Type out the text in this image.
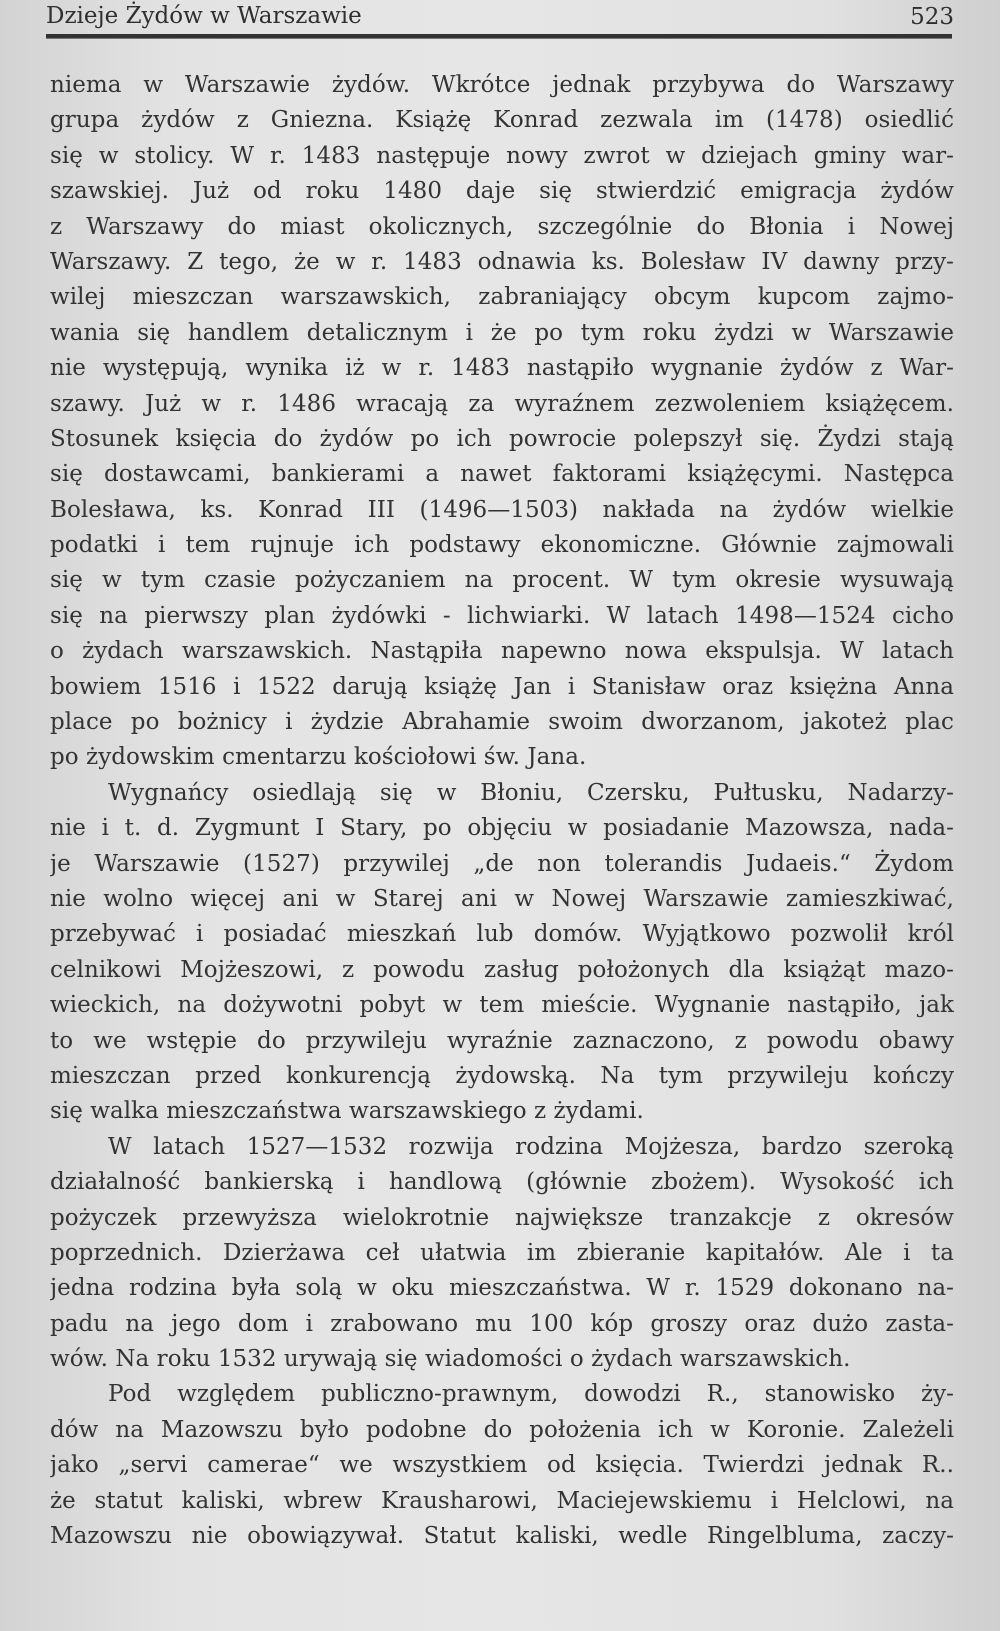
Dzieje Żydów w Warszawie	523
niema w Warszawie żydów. Wkrótce jednak przybywa do Warszawy
grupa żydów z Gniezna. Książę Konrad zezwala im (1478) osiedlić
się w stolicy. W r. 1483 następuje nowy zwrot w dziejach gminy war-
szawskiej. Już od roku 1480 daje się stwierdzić emigracja żydów
z Warszawy do miast okolicznych, szczególnie do Błonia i Nowej
Warszawy. Z tego, że w r. 1483 odnawia ks. Bolesław IV dawny przy-
wilej mieszczan warszawskich, zabraniający obcym kupcom zajmo-
wania się handlem detalicznym i że po tym roku żydzi w Warszawie
nie występują, wynika iż w r. 1483 nastąpiło wygnanie żydów z War-
szawy. Już w r. 1486 wracają za wyraźnem zezwoleniem książęcem.
Stosunek księcia do żydów po ich powrocie polepszył się. Żydzi stają
się dostawcami, bankierami a nawet faktorami książęcymi. Następca
Bolesława, ks. Konrad III (1496—1503) nakłada na żydów wielkie
podatki i tem rujnuje ich podstawy ekonomiczne. Głównie zajmowali
się w tym czasie pożyczaniem na procent. W tym okresie wysuwają
się na pierwszy plan żydówki - lichwiarki. W latach 1498—1524 cicho
o żydach warszawskich. Nastąpiła napewno nowa ekspulsja. W latach
bowiem 1516 i 1522 darują książę Jan i Stanisław oraz księżna Anna
place po bożnicy i żydzie Abrahamie swoim dworzanom, jakoteż plac
po żydowskim cmentarzu kościołowi św. Jana.
Wygnańcy osiedlają się w Błoniu, Czersku, Pułtusku, Nadarzy-
nie i t. d. Zygmunt I Stary, po objęciu w posiadanie Mazowsza, nada-
je Warszawie (1527) przywilej „de non tolerandis Judaeis.“ Żydom
nie wolno więcej ani w Starej ani w Nowej Warszawie zamieszkiwać,
przebywać i posiadać mieszkań lub domów. Wyjątkowo pozwolił król
celnikowi Mojżeszowi, z powodu zasług położonych dla książąt mazo-
wieckich, na dożywotni pobyt w tem mieście. Wygnanie nastąpiło, jak
to we wstępie do przywileju wyraźnie zaznaczono, z powodu obawy
mieszczan przed konkurencją żydowską. Na tym przywileju kończy
się walka mieszczaństwa warszawskiego z żydami.
W latach 1527—1532 rozwija rodzina Mojżesza, bardzo szeroką
działalność bankierską i handlową (głównie zbożem). Wysokość ich
pożyczek przewyższa wielokrotnie największe tranzakcje z okresów
poprzednich. Dzierżawa ceł ułatwia im zbieranie kapitałów. Ale i ta
jedna rodzina była solą w oku mieszczaństwa. W r. 1529 dokonano na-
padu na jego dom i zrabowano mu 100 kóp groszy oraz dużo zasta-
wów. Na roku 1532 urywają się wiadomości o żydach warszawskich.
Pod względem publiczno-prawnym, dowodzi R., stanowisko ży-
dów na Mazowszu było podobne do położenia ich w Koronie. Zależeli
jako „servi camerae“ we wszystkiem od księcia. Twierdzi jednak R..
że statut kaliski, wbrew Krausharowi, Maciejewskiemu i Helclowi, na
Mazowszu nie obowiązywał. Statut kaliski, wedle Ringelbluma, zaczy-
